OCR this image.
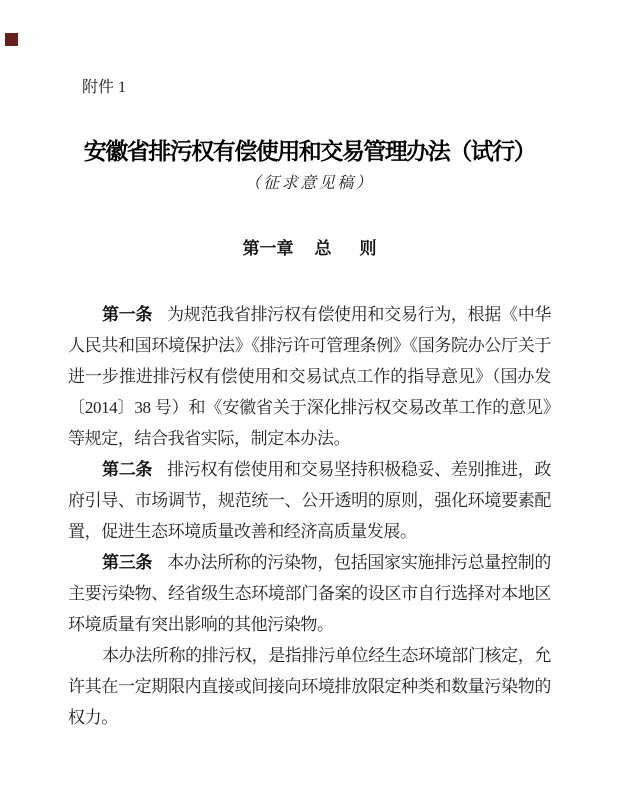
附件 1

安徽省排污权有偿使用和交易管理办法（试行）

（征求意见稿）

第一章 总 则

第一条 为规范我省排污权有偿使用和交易行为，根据《中华人民共和国环境保护法》《排污许可管理条例》《国务院办公厅关于进一步推进排污权有偿使用和交易试点工作的指导意见》（国办发〔2014〕38 号）和《安徽省关于深化排污权交易改革工作的意见》等规定，结合我省实际，制定本办法。

第二条 排污权有偿使用和交易坚持积极稳妥、差别推进，政府引导、市场调节，规范统一、公开透明的原则，强化环境要素配置，促进生态环境质量改善和经济高质量发展。

第三条 本办法所称的污染物，包括国家实施排污总量控制的主要污染物、经省级生态环境部门备案的设区市自行选择对本地区环境质量有突出影响的其他污染物。

本办法所称的排污权，是指排污单位经生态环境部门核定，允许其在一定期限内直接或间接向环境排放限定种类和数量污染物的权力。
